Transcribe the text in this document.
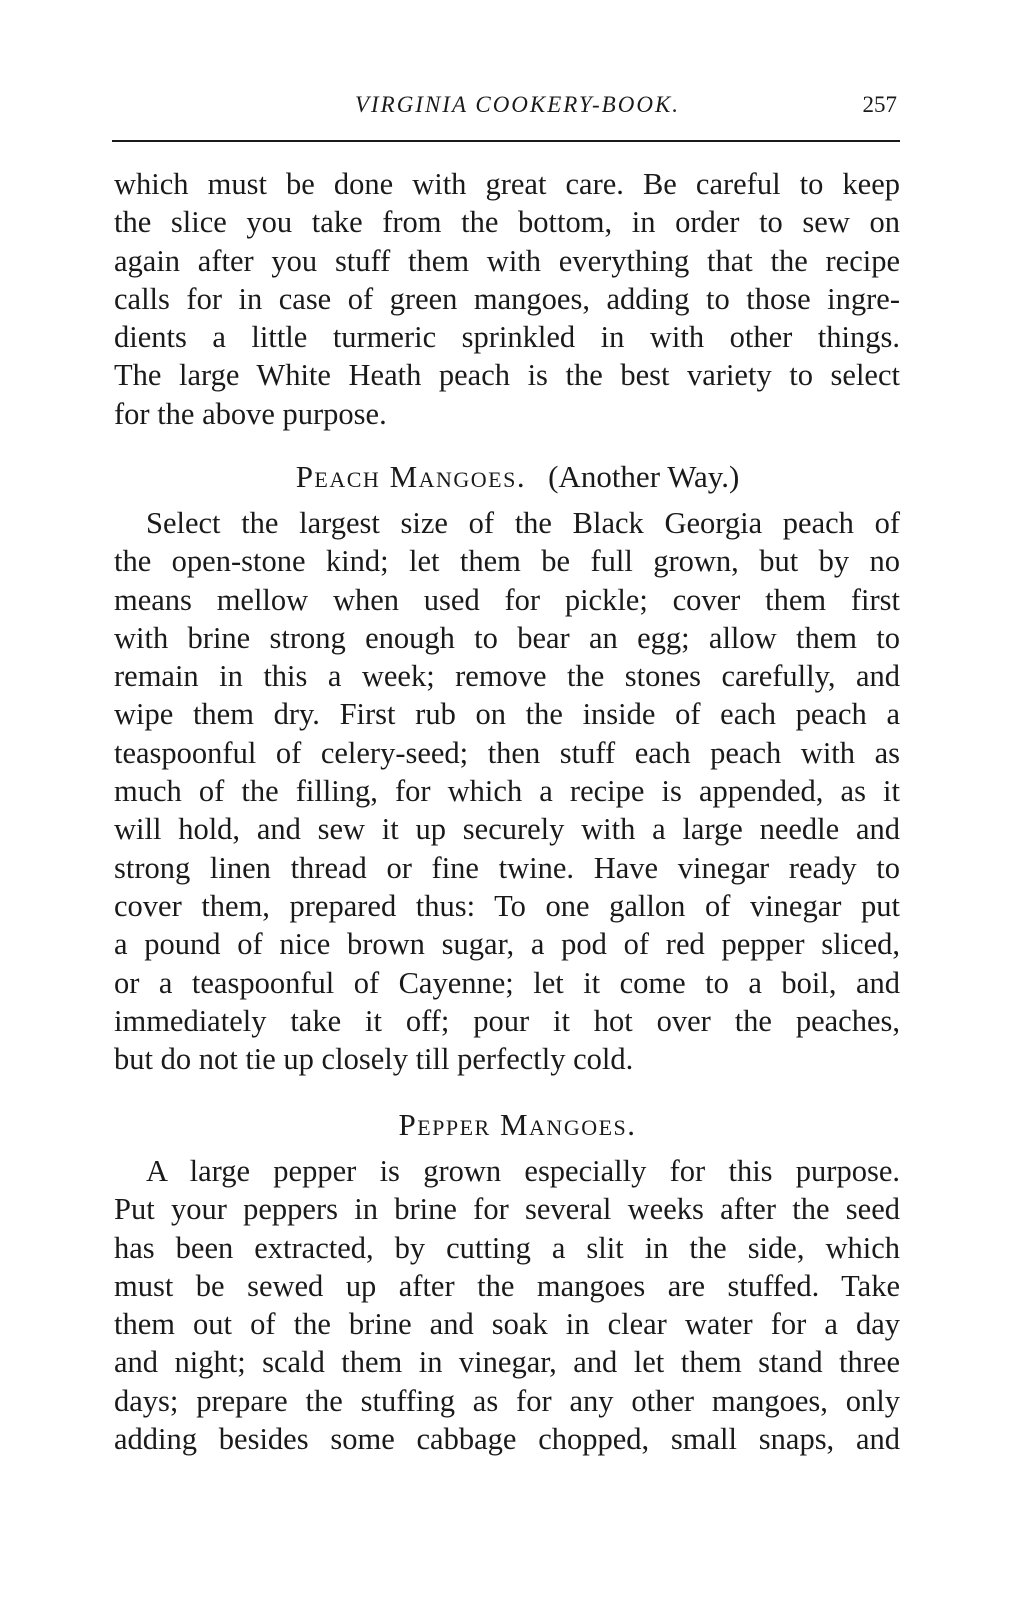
VIRGINIA COOKERY-BOOK.	257
which must be done with great care. Be careful to keep
the slice you take from the bottom, in order to sew on
again after you stuff them with everything that the recipe
calls for in case of green mangoes, adding to those ingre-
dients a little turmeric sprinkled in with other things.
The large White Heath peach is the best variety to select
for the above purpose.
Peach Mangoes. (Another Way.)
Select the largest size of the Black Georgia peach of
the open-stone kind; let them be full grown, but by no
means mellow when used for pickle; cover them first
with brine strong enough to bear an egg; allow them to
remain in this a week; remove the stones carefully, and
wipe them dry. First rub on the inside of each peach a
teaspoonful of celery-seed; then stuff each peach with as
much of the filling, for which a recipe is appended, as it
will hold, and sew it up securely with a large needle and
strong linen thread or fine twine. Have vinegar ready to
cover them, prepared thus: To one gallon of vinegar put
a pound of nice brown sugar, a pod of red pepper sliced,
or a teaspoonful of Cayenne; let it come to a boil, and
immediately take it off; pour it hot over the peaches,
but do not tie up closely till perfectly cold.
Pepper Mangoes.
A large pepper is grown especially for this purpose.
Put your peppers in brine for several weeks after the seed
has been extracted, by cutting a slit in the side, which
must be sewed up after the mangoes are stuffed. Take
them out of the brine and soak in clear water for a day
and night; scald them in vinegar, and let them stand three
days; prepare the stuffing as for any other mangoes, only
adding besides some cabbage chopped, small snaps, and
